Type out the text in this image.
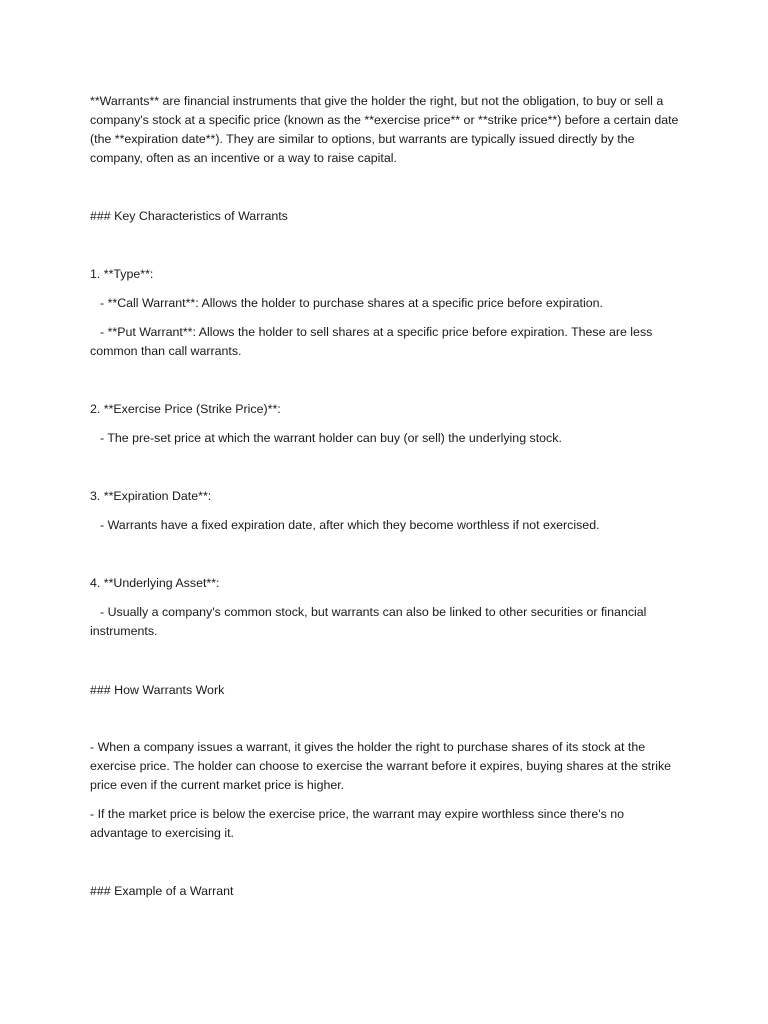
**Warrants** are financial instruments that give the holder the right, but not the obligation, to buy or sell a company's stock at a specific price (known as the **exercise price** or **strike price**) before a certain date (the **expiration date**). They are similar to options, but warrants are typically issued directly by the company, often as an incentive or a way to raise capital.

### Key Characteristics of Warrants

1. **Type**:

- **Call Warrant**: Allows the holder to purchase shares at a specific price before expiration.

- **Put Warrant**: Allows the holder to sell shares at a specific price before expiration. These are less common than call warrants.

2. **Exercise Price (Strike Price)**:

- The pre-set price at which the warrant holder can buy (or sell) the underlying stock.

3. **Expiration Date**:

- Warrants have a fixed expiration date, after which they become worthless if not exercised.

4. **Underlying Asset**:

- Usually a company's common stock, but warrants can also be linked to other securities or financial instruments.

### How Warrants Work

- When a company issues a warrant, it gives the holder the right to purchase shares of its stock at the exercise price. The holder can choose to exercise the warrant before it expires, buying shares at the strike price even if the current market price is higher.

- If the market price is below the exercise price, the warrant may expire worthless since there's no advantage to exercising it.

### Example of a Warrant
